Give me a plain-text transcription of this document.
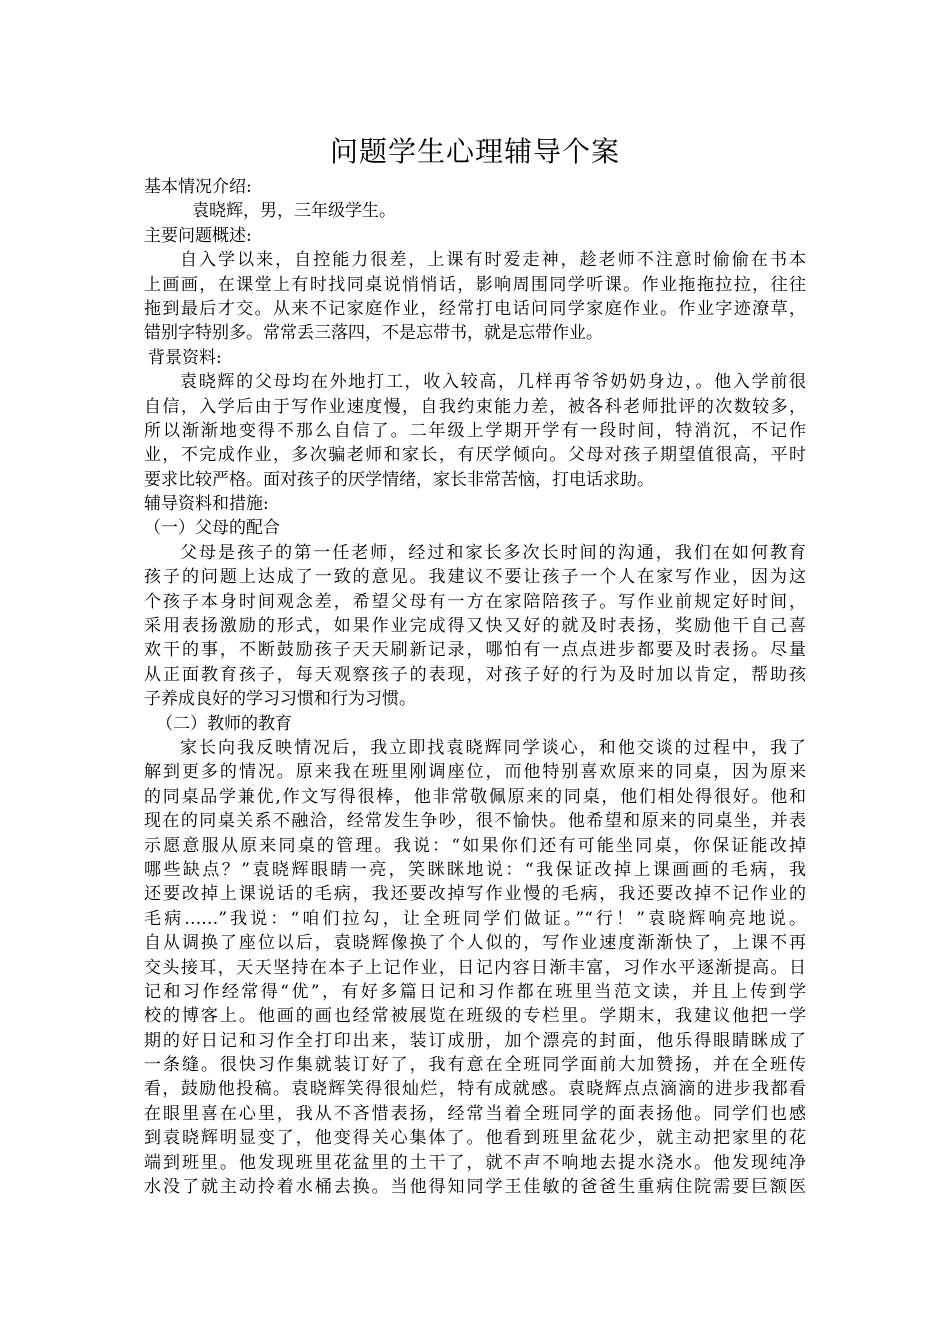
问题学生心理辅导个案
基本情况介绍:
袁晓辉，男，三年级学生。
主要问题概述:
自入学以来，自控能力很差，上课有时爱走神，趁老师不注意时偷偷在书本
上画画，在课堂上有时找同桌说悄悄话，影响周围同学听课。作业拖拖拉拉，往往
拖到最后才交。从来不记家庭作业，经常打电话问同学家庭作业。作业字迹潦草，
错别字特别多。常常丢三落四，不是忘带书，就是忘带作业。
背景资料:
袁晓辉的父母均在外地打工，收入较高，几样再爷爷奶奶身边，。他入学前很
自信，入学后由于写作业速度慢，自我约束能力差，被各科老师批评的次数较多，
所以渐渐地变得不那么自信了。二年级上学期开学有一段时间，特消沉，不记作
业，不完成作业，多次骗老师和家长，有厌学倾向。父母对孩子期望值很高，平时
要求比较严格。面对孩子的厌学情绪，家长非常苦恼，打电话求助。
辅导资料和措施:
（一）父母的配合
父母是孩子的第一任老师，经过和家长多次长时间的沟通，我们在如何教育
孩子的问题上达成了一致的意见。我建议不要让孩子一个人在家写作业，因为这
个孩子本身时间观念差，希望父母有一方在家陪陪孩子。写作业前规定好时间，
采用表扬激励的形式，如果作业完成得又快又好的就及时表扬，奖励他干自己喜
欢干的事，不断鼓励孩子天天刷新记录，哪怕有一点点进步都要及时表扬。尽量
从正面教育孩子，每天观察孩子的表现，对孩子好的行为及时加以肯定，帮助孩
子养成良好的学习习惯和行为习惯。
（二）教师的教育
家长向我反映情况后，我立即找袁晓辉同学谈心，和他交谈的过程中，我了
解到更多的情况。原来我在班里刚调座位，而他特别喜欢原来的同桌，因为原来
的同桌品学兼优,作文写得很棒，他非常敬佩原来的同桌，他们相处得很好。他和
现在的同桌关系不融洽，经常发生争吵，很不愉快。他希望和原来的同桌坐，并表
示愿意服从原来同桌的管理。我说：“如果你们还有可能坐同桌，你保证能改掉
哪些缺点？”袁晓辉眼睛一亮，笑眯眯地说：“我保证改掉上课画画的毛病，我
还要改掉上课说话的毛病，我还要改掉写作业慢的毛病，我还要改掉不记作业的
毛病……”我说：“咱们拉勾，让全班同学们做证。”“行！”袁晓辉响亮地说。
自从调换了座位以后，袁晓辉像换了个人似的，写作业速度渐渐快了，上课不再
交头接耳，天天坚持在本子上记作业，日记内容日渐丰富，习作水平逐渐提高。日
记和习作经常得“优”，有好多篇日记和习作都在班里当范文读，并且上传到学
校的博客上。他画的画也经常被展览在班级的专栏里。学期末，我建议他把一学
期的好日记和习作全打印出来，装订成册，加个漂亮的封面，他乐得眼睛眯成了
一条缝。很快习作集就装订好了，我有意在全班同学面前大加赞扬，并在全班传
看，鼓励他投稿。袁晓辉笑得很灿烂，特有成就感。袁晓辉点点滴滴的进步我都看
在眼里喜在心里，我从不吝惜表扬，经常当着全班同学的面表扬他。同学们也感
到袁晓辉明显变了，他变得关心集体了。他看到班里盆花少，就主动把家里的花
端到班里。他发现班里花盆里的土干了，就不声不响地去提水浇水。他发现纯净
水没了就主动拎着水桶去换。当他得知同学王佳敏的爸爸生重病住院需要巨额医
